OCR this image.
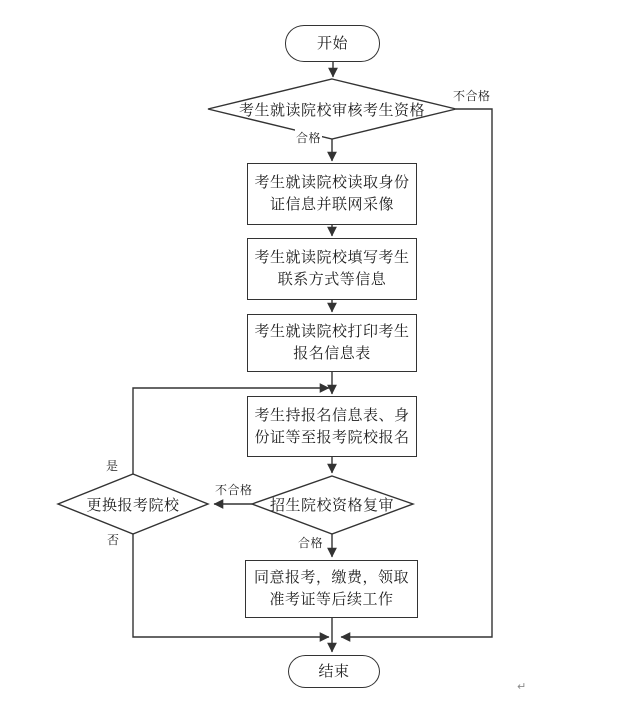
开始
考生就读院校审核考生资格
考生就读院校读取身份
证信息并联网采像
考生就读院校填写考生
联系方式等信息
考生就读院校打印考生
报名信息表
考生持报名信息表、身
份证等至报考院校报名
招生院校资格复审
更换报考院校
同意报考，缴费，领取
准考证等后续工作
结束
不合格
合格
是
不合格
合格
否
↵
